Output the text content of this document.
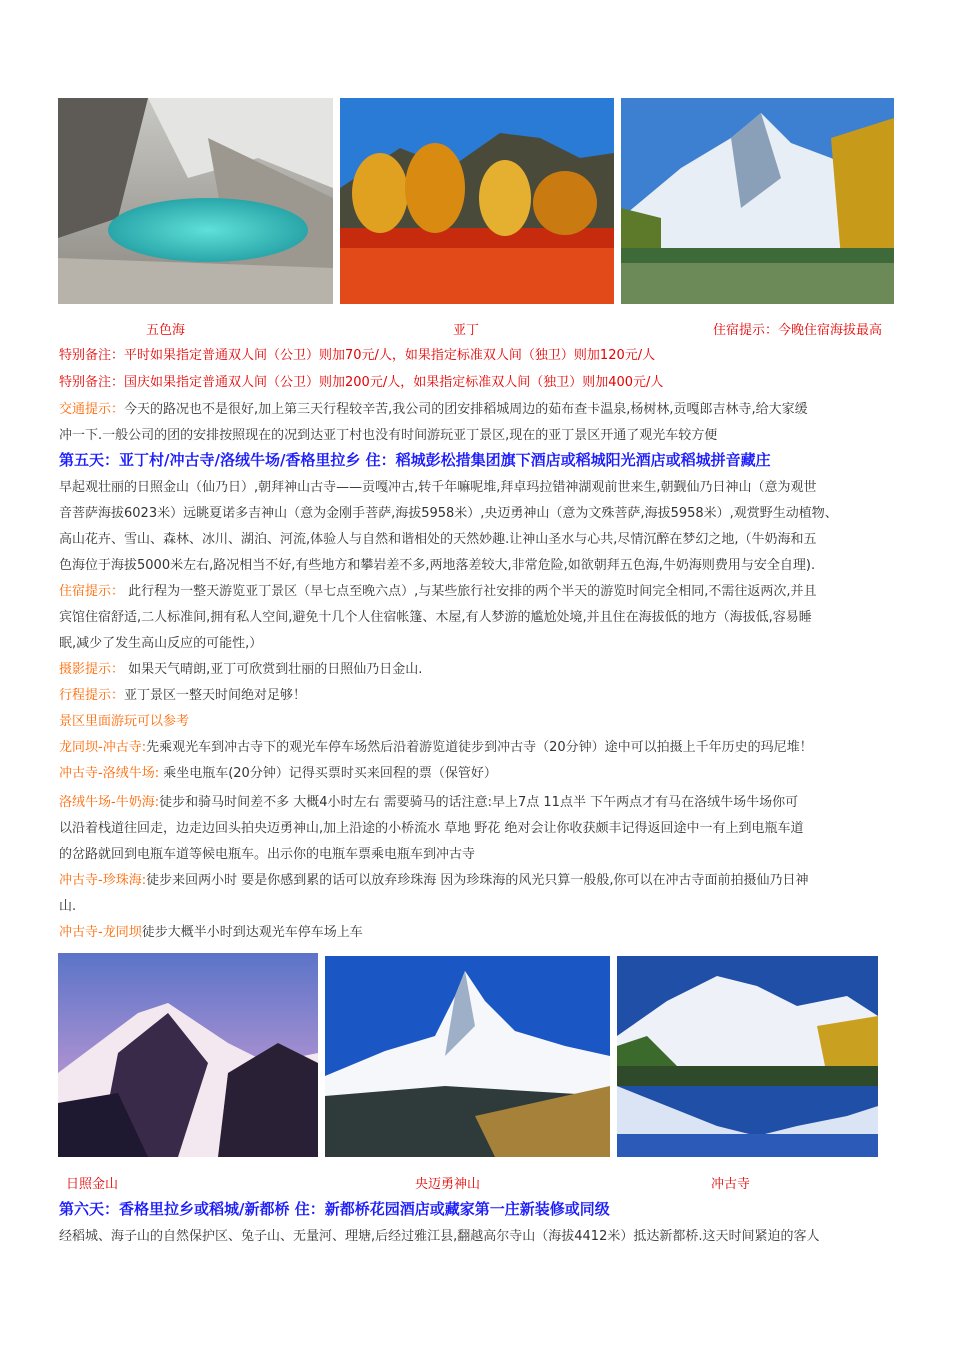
五色海	亚丁	住宿提示：今晚住宿海拔最高
特别备注：平时如果指定普通双人间（公卫）则加70元/人，如果指定标准双人间（独卫）则加120元/人
特别备注：国庆如果指定普通双人间（公卫）则加200元/人，如果指定标准双人间（独卫）则加400元/人
交通提示：今天的路况也不是很好,加上第三天行程较辛苦,我公司的团安排稻城周边的茹布查卡温泉,杨树林,贡嘎郎吉林寺,给大家缓
冲一下.一般公司的团的安排按照现在的况到达亚丁村也没有时间游玩亚丁景区,现在的亚丁景区开通了观光车较方便
第五天：亚丁村/冲古寺/洛绒牛场/香格里拉乡 住：稻城彭松措集团旗下酒店或稻城阳光酒店或稻城拼音藏庄
早起观壮丽的日照金山（仙乃日）,朝拜神山古寺——贡嘎冲古,转千年嘛呢堆,拜卓玛拉错神湖观前世来生,朝觐仙乃日神山（意为观世
音菩萨海拔6023米）远眺夏诺多吉神山（意为金刚手菩萨,海拔5958米）,央迈勇神山（意为文殊菩萨,海拔5958米）,观赏野生动植物、
高山花卉、雪山、森林、冰川、湖泊、河流,体验人与自然和谐相处的天然妙趣.让神山圣水与心共,尽情沉醉在梦幻之地,（牛奶海和五
色海位于海拔5000米左右,路况相当不好,有些地方和攀岩差不多,两地落差较大,非常危险,如欲朝拜五色海,牛奶海则费用与安全自理).
住宿提示： 此行程为一整天游览亚丁景区（早七点至晚六点）,与某些旅行社安排的两个半天的游览时间完全相同,不需往返两次,并且
宾馆住宿舒适,二人标准间,拥有私人空间,避免十几个人住宿帐篷、木屋,有人梦游的尴尬处境,并且住在海拔低的地方（海拔低,容易睡
眠,减少了发生高山反应的可能性,）
摄影提示： 如果天气晴朗,亚丁可欣赏到壮丽的日照仙乃日金山.
行程提示：亚丁景区一整天时间绝对足够！
景区里面游玩可以参考
龙同坝-冲古寺:先乘观光车到冲古寺下的观光车停车场然后沿着游览道徒步到冲古寺（20分钟）途中可以拍摄上千年历史的玛尼堆！
冲古寺-洛绒牛场: 乘坐电瓶车(20分钟）记得买票时买来回程的票（保管好）
洛绒牛场-牛奶海:徒步和骑马时间差不多 大概4小时左右 需要骑马的话注意:早上7点 11点半 下午两点才有马在洛绒牛场牛场你可
以沿着栈道往回走，边走边回头拍央迈勇神山,加上沿途的小桥流水 草地 野花 绝对会让你收获颇丰记得返回途中一有上到电瓶车道
的岔路就回到电瓶车道等候电瓶车。出示你的电瓶车票乘电瓶车到冲古寺
冲古寺-珍珠海:徒步来回两小时 要是你感到累的话可以放弃珍珠海 因为珍珠海的风光只算一般般,你可以在冲古寺面前拍摄仙乃日神
山.
冲古寺-龙同坝徒步大概半小时到达观光车停车场上车
日照金山	央迈勇神山	冲古寺
第六天：香格里拉乡或稻城/新都桥 住：新都桥花园酒店或藏家第一庄新装修或同级
经稻城、海子山的自然保护区、兔子山、无量河、理塘,后经过雅江县,翻越高尔寺山（海拔4412米）抵达新都桥.这天时间紧迫的客人
